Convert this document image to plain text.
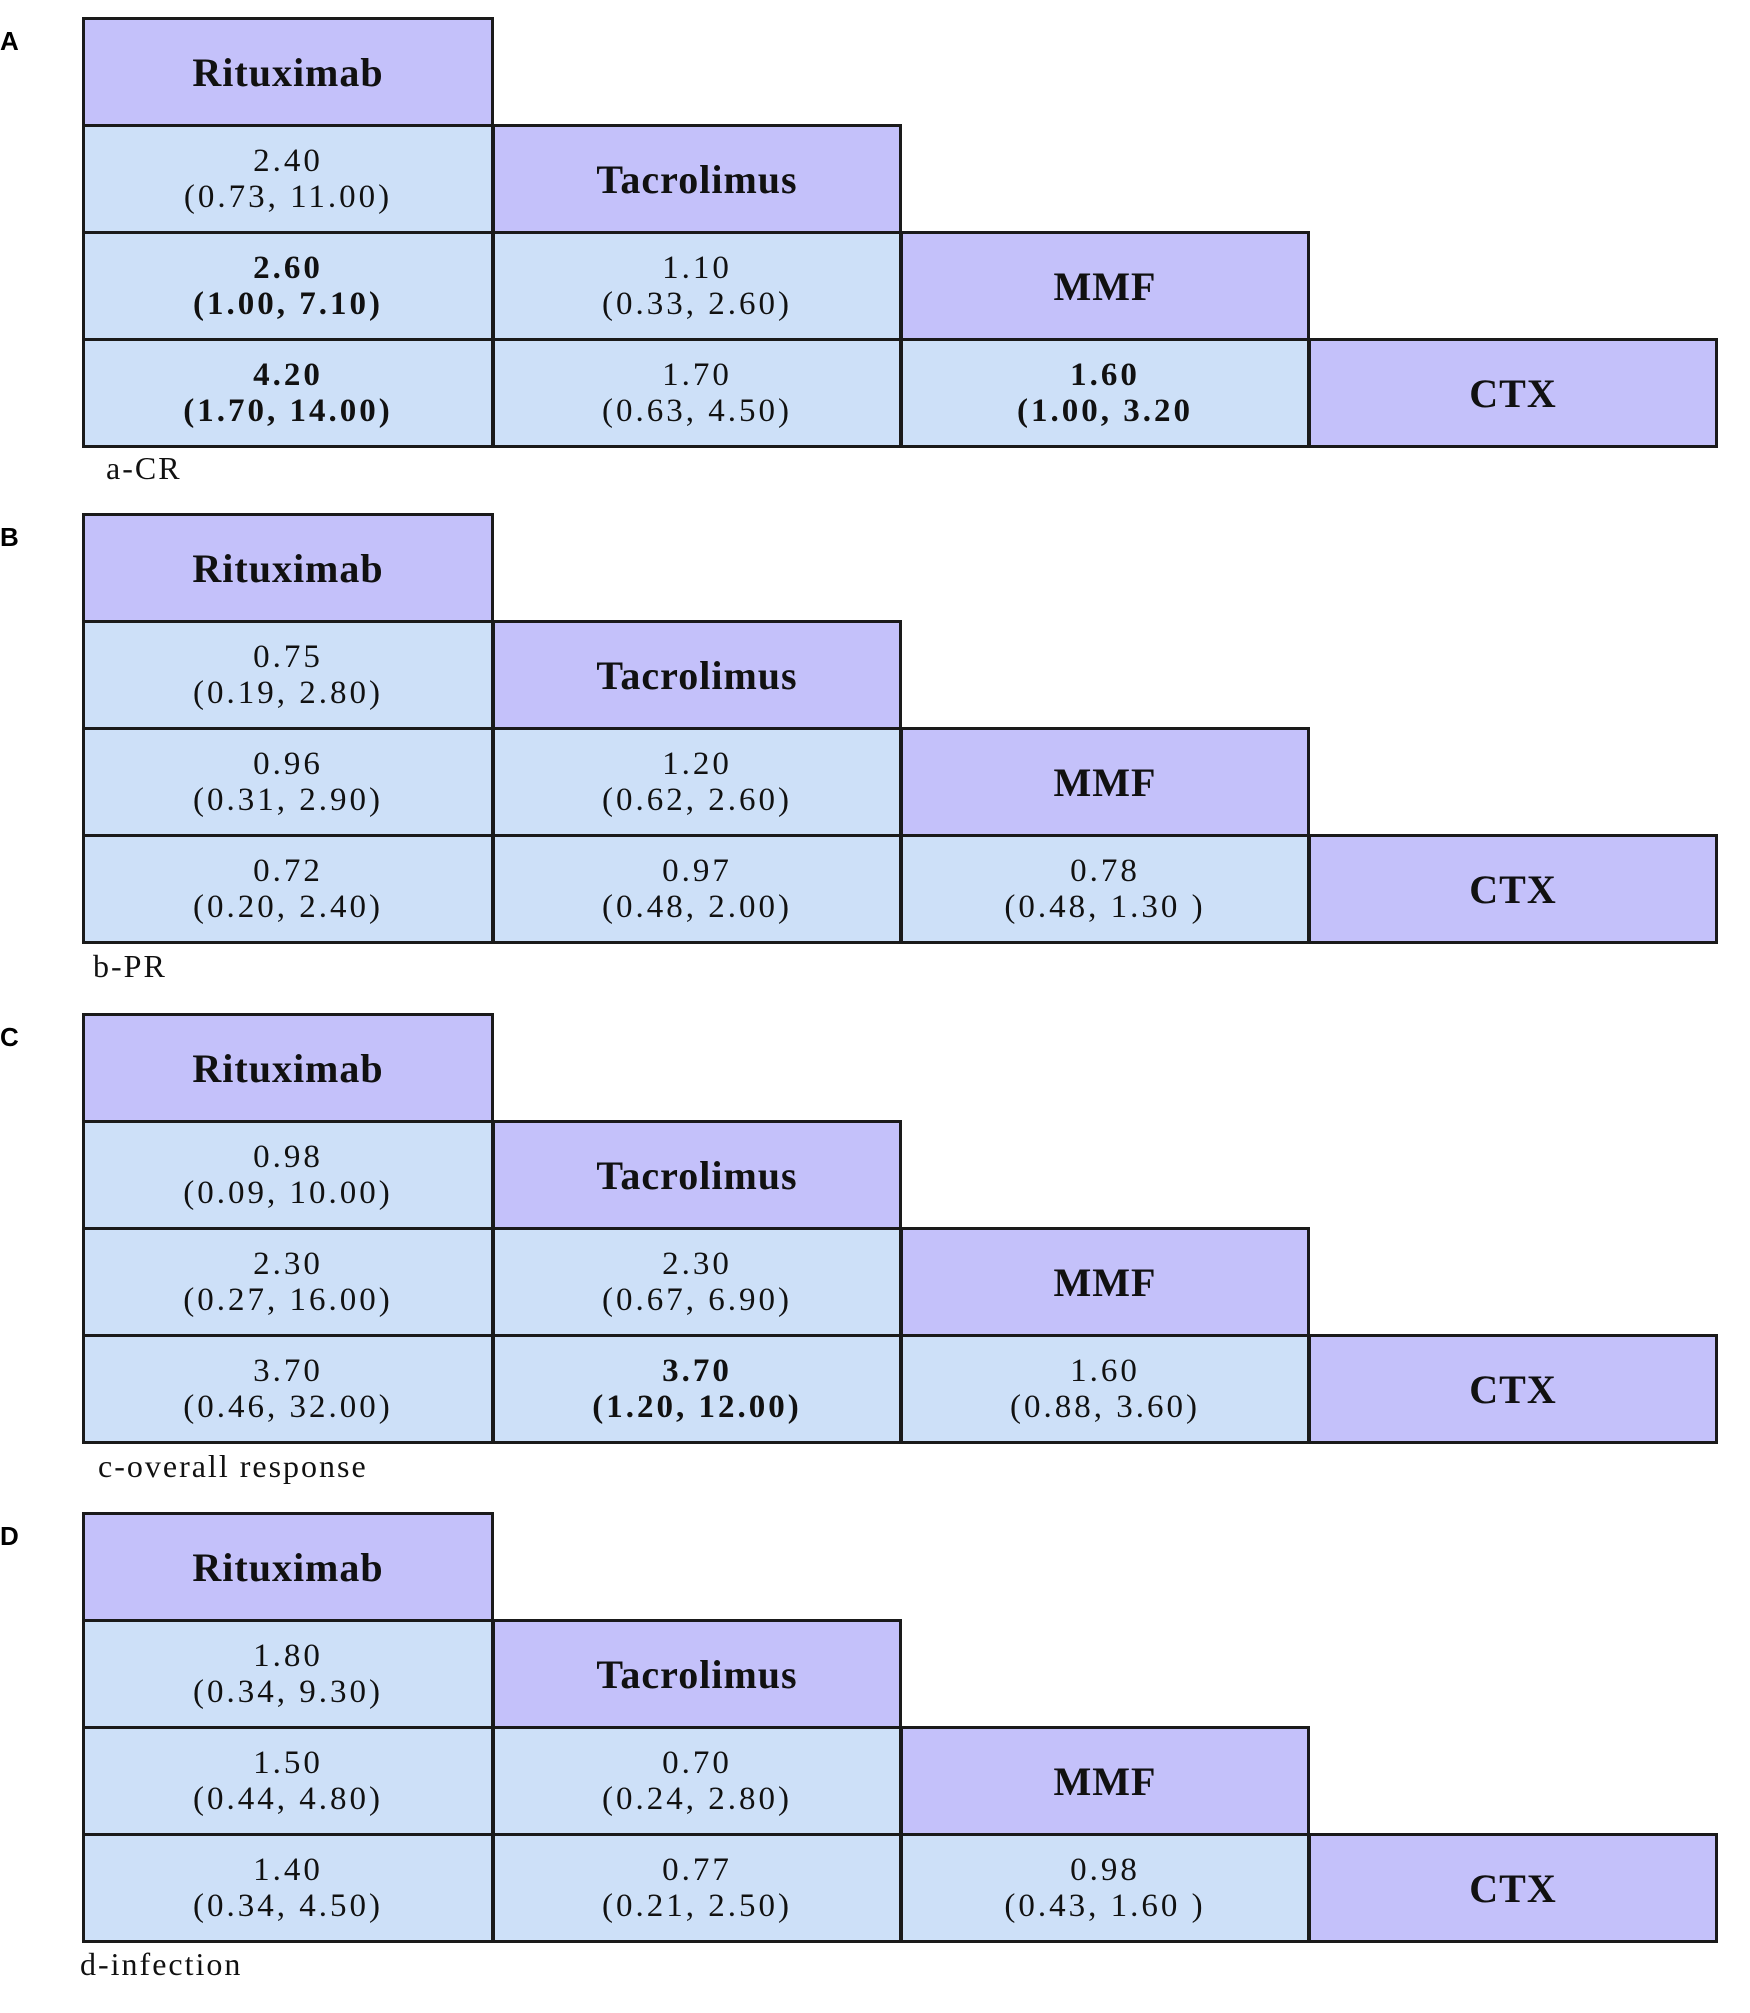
A
Rituximab
Tacrolimus
MMF
CTX
2.40
(0.73, 11.00)
2.60
(1.00, 7.10)
1.10
(0.33, 2.60)
4.20
(1.70, 14.00)
1.70
(0.63, 4.50)
1.60
(1.00, 3.20
a-CR
B
Rituximab
Tacrolimus
MMF
CTX
0.75
(0.19, 2.80)
0.96
(0.31, 2.90)
1.20
(0.62, 2.60)
0.72
(0.20, 2.40)
0.97
(0.48, 2.00)
0.78
(0.48, 1.30 )
b-PR
C
Rituximab
Tacrolimus
MMF
CTX
0.98
(0.09, 10.00)
2.30
(0.27, 16.00)
2.30
(0.67, 6.90)
3.70
(0.46, 32.00)
3.70
(1.20, 12.00)
1.60
(0.88, 3.60)
c-overall response
D
Rituximab
Tacrolimus
MMF
CTX
1.80
(0.34, 9.30)
1.50
(0.44, 4.80)
0.70
(0.24, 2.80)
1.40
(0.34, 4.50)
0.77
(0.21, 2.50)
0.98
(0.43, 1.60 )
d-infection
